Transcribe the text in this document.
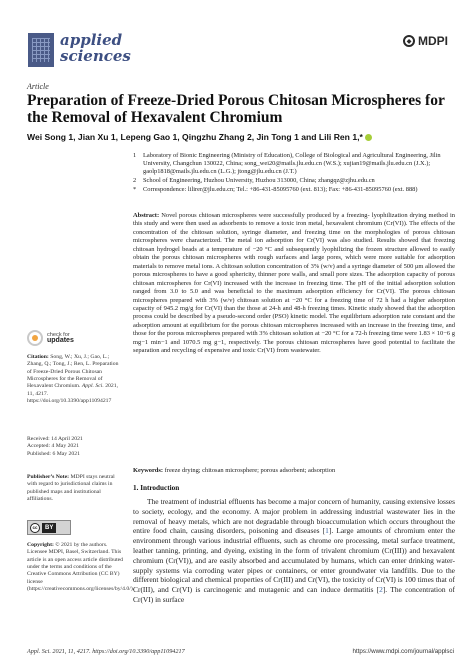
applied
sciences
◆ MDPI
Article
Preparation of Freeze-Dried Porous Chitosan Microspheres for the Removal of Hexavalent Chromium
Wei Song 1, Jian Xu 1, Lepeng Gao 1, Qingzhu Zhang 2, Jin Tong 1 and Lili Ren 1,*
1 Laboratory of Bionic Engineering (Ministry of Education), College of Biological and Agricultural Engineering, Jilin University, Changchun 130022, China; song_wei20@mails.jlu.edu.cn (W.S.); xujian19@mails.jlu.edu.cn (J.X.); gaolp1818@mails.jlu.edu.cn (L.G.); jtong@jlu.edu.cn (J.T.)
2 School of Engineering, Huzhou University, Huzhou 313000, China; zhangqz@zjhu.edu.cn
* Correspondence: lilirer@jlu.edu.cn; Tel.: +86-431-85095760 (ext. 813); Fax: +86-431-85095760 (ext. 888)
Abstract: Novel porous chitosan microspheres were successfully produced by a freezing- lyophilization drying method in this study and were then used as adsorbents to remove a toxic iron metal, hexavalent chromium (Cr(VI)). The effects of the concentration of the chitosan solution, syringe diameter, and freezing time on the morphologies of porous chitosan microspheres were characterized. The metal ion adsorption for Cr(VI) was also studied. Results showed that freezing chitosan hydrogel beads at a temperature of −20 °C and subsequently lyophilizing the frozen structure allowed to easily obtain the porous chitosan microspheres with rough surfaces and large pores, which were more suitable for adsorption materials to remove metal ions. A chitosan solution concentration of 3% (w/v) and a syringe diameter of 500 μm allowed the porous microspheres to have a good sphericity, thinner pore walls, and small pore sizes. The adsorption capacity of porous chitosan microspheres for Cr(VI) increased with the increase in freezing time. The pH of the initial adsorption solution ranged from 3.0 to 5.0 and was beneficial to the maximum adsorption efficiency for Cr(VI). The porous chitosan microspheres prepared with 3% (w/v) chitosan solution at −20 °C for a freezing time of 72 h had a higher adsorption capacity of 945.2 mg/g for Cr(VI) than the those at 24-h and 48-h freezing times. Kinetic study showed that the adsorption process could be described by a pseudo-second order (PSO) kinetic model. The equilibrium adsorption rate constant and the adsorption amount at equilibrium for the porous chitosan microspheres increased with an increase in the freezing time, and those for the porous microspheres prepared with 3% chitosan solution at −20 °C for a 72-h freezing time were 1.83 × 10−6 g mg−1 min−1 and 1070.5 mg g−1, respectively. The porous chitosan microspheres have good potential to facilitate the separation and recycling of expensive and toxic Cr(VI) from wastewater.
Keywords: freeze drying; chitosan microsphere; porous adsorbent; adsorption
1. Introduction

The treatment of industrial effluents has become a major concern of humanity, causing extensive losses to society, ecology, and the economy. A major problem in addressing industrial wastewater lies in the removal of heavy metals, which are not degradable through bioaccumulation which occurs throughout the entire food chain, causing disorders, poisoning and diseases [1]. Large amounts of chromium enter the environment through various industrial effluents, such as chrome ore processing, metal surface treatment, leather tanning, printing, and dyeing, existing in the form of trivalent chromium (Cr(III)) and hexavalent chromium (Cr(VI)), and are easily absorbed and accumulated by humans, which can enter drinking water-supply systems via corroding water pipes or containers, or enter groundwater via landfills. Due to the different biological and chemical properties of Cr(III) and Cr(VI), the toxicity of Cr(VI) is 100 times that of Cr(III), and Cr(VI) is carcinogenic and mutagenic and can induce dermatitis [2]. The concentration of Cr(VI) in surface

check for
updates
Citation: Song, W.; Xu, J.; Gao, L.; Zhang, Q.; Tong, J.; Ren, L. Preparation of Freeze-Dried Porous Chitosan Microspheres for the Removal of Hexavalent Chromium. Appl. Sci. 2021, 11, 4217. https://doi.org/10.3390/app11094217
Received: 14 April 2021
Accepted: 4 May 2021
Published: 6 May 2021
Publisher’s Note: MDPI stays neutral with regard to jurisdictional claims in published maps and institutional affiliations.
cc	BY
Copyright: © 2021 by the authors. Licensee MDPI, Basel, Switzerland. This article is an open access article distributed under the terms and conditions of the Creative Commons Attribution (CC BY) license (https://creativecommons.org/licenses/by/4.0/).
Appl. Sci. 2021, 11, 4217. https://doi.org/10.3390/app11094217	https://www.mdpi.com/journal/applsci
